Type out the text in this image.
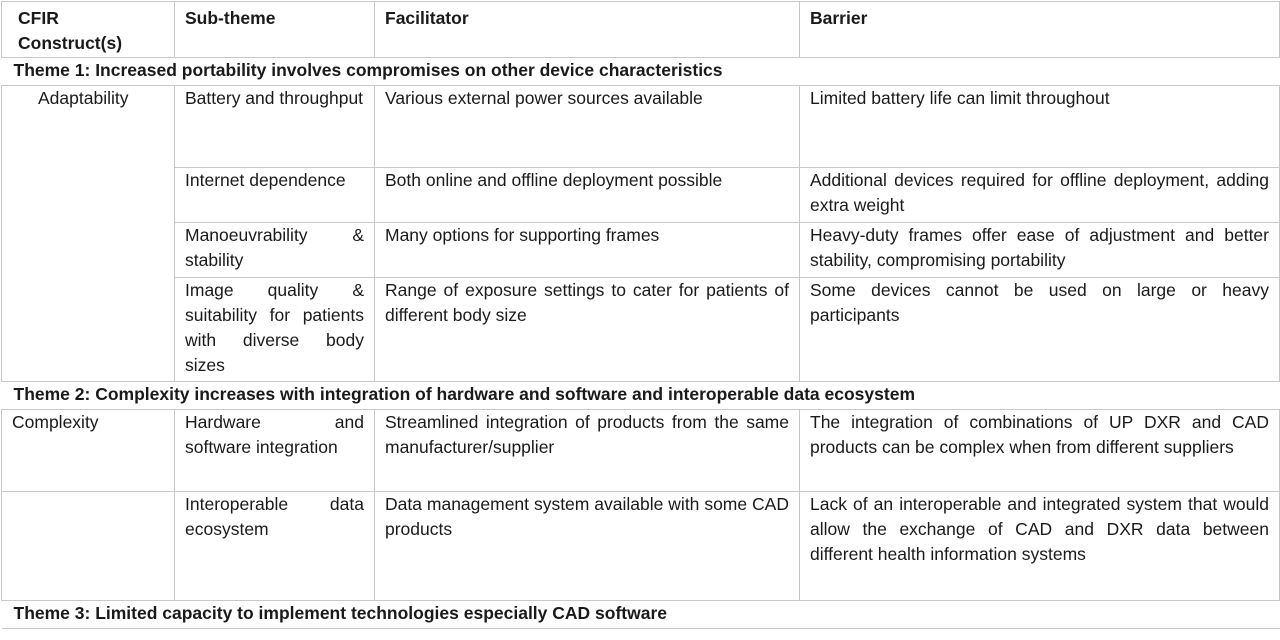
CFIR Construct(s)	Sub-theme	Facilitator	Barrier
Theme 1: Increased portability involves compromises on other device characteristics			
Adaptability	Battery and throughput	Various external power sources available	Limited battery life can limit throughout
	Internet dependence	Both online and offline deployment possible	Additional devices required for offline deployment, adding extra weight
	Manoeuvrability & stability	Many options for supporting frames	Heavy-duty frames offer ease of adjustment and better stability, compromising portability
	Image quality & suitability for patients with diverse body sizes	Range of exposure settings to cater for patients of different body size	Some devices cannot be used on large or heavy participants
Theme 2: Complexity increases with integration of hardware and software and interoperable data ecosystem			
Complexity	Hardware and software integration	Streamlined integration of products from the same manufacturer/supplier	The integration of combinations of UP DXR and CAD products can be complex when from different suppliers
	Interoperable data ecosystem	Data management system available with some CAD products	Lack of an interoperable and integrated system that would allow the exchange of CAD and DXR data between different health information systems
Theme 3: Limited capacity to implement technologies especially CAD software			
